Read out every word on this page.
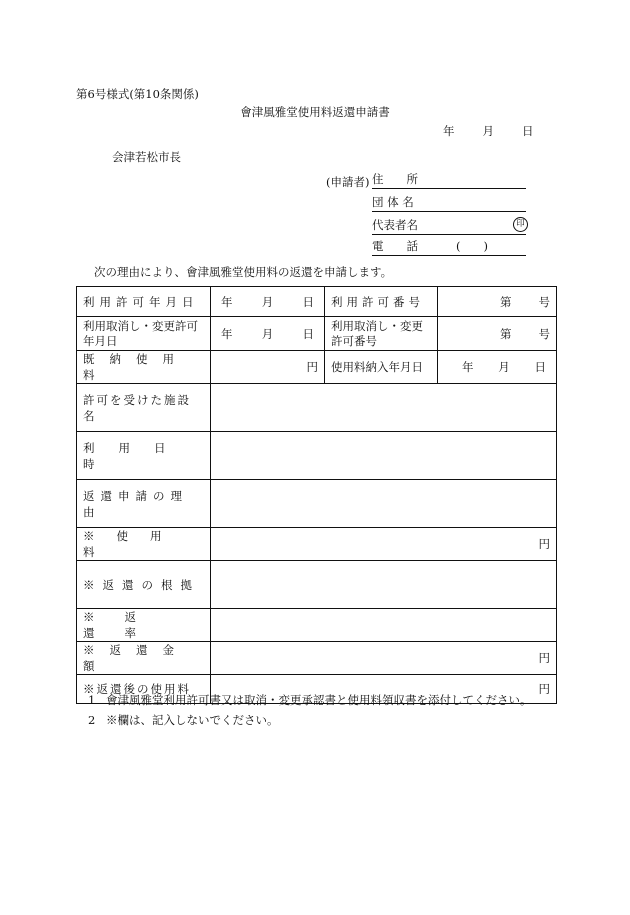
第6号様式(第10条関係)
會津風雅堂使用料返還申請書
年 月 日
会津若松市長
(申請者) 住　　所
団 体 名
代表者名	印
電　　話	(　　)
次の理由により、會津風雅堂使用料の返還を申請します。
利用許可年月日	年 月 日	利用許可番号	第 号

利用取消し・変更許可年月日	年 月 日	利用取消し・変更許可番号	第 号

既納使用料	円	使用料納入年月日	年 月 日

許可を受けた施設名			
利用日時			
返還申請の理由			
※使用料	円		
※返還の根拠			
※返還率			
※返還金額	円		
※返還後の使用料	円		
1 會津風雅堂利用許可書又は取消・変更承認書と使用料領収書を添付してください。
2 ※欄は、記入しないでください。
